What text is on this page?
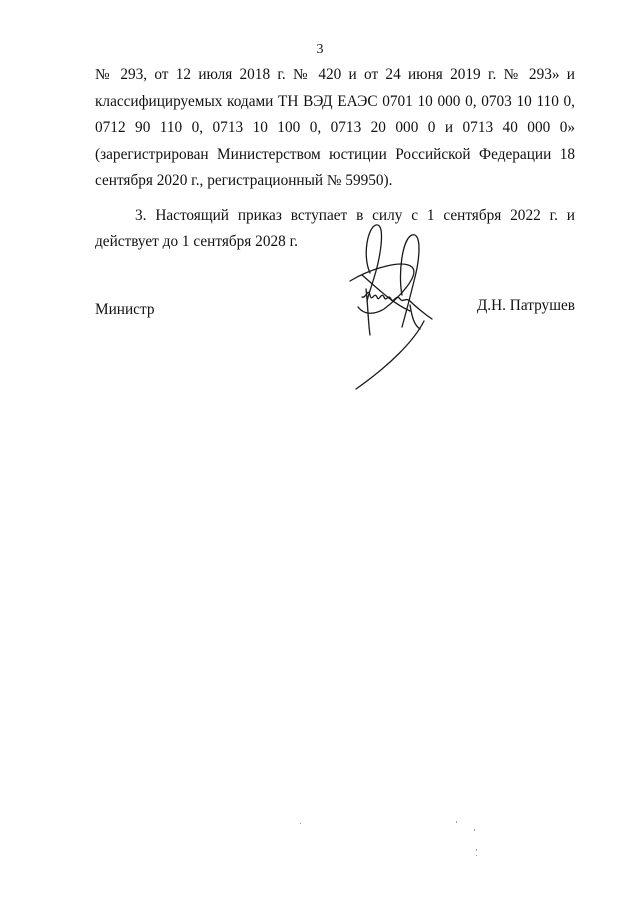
3

№ 293, от 12 июля 2018 г. № 420 и от 24 июня 2019 г. № 293» и классифицируемых кодами ТН ВЭД ЕАЭС 0701 10 000 0, 0703 10 110 0, 0712 90 110 0, 0713 10 100 0, 0713 20 000 0 и 0713 40 000 0» (зарегистрирован Министерством юстиции Российской Федерации 18 сентября 2020 г., регистрационный № 59950).

3. Настоящий приказ вступает в силу с 1 сентября 2022 г. и действует до 1 сентября 2028 г.

Министр	Д.Н. Патрушев
